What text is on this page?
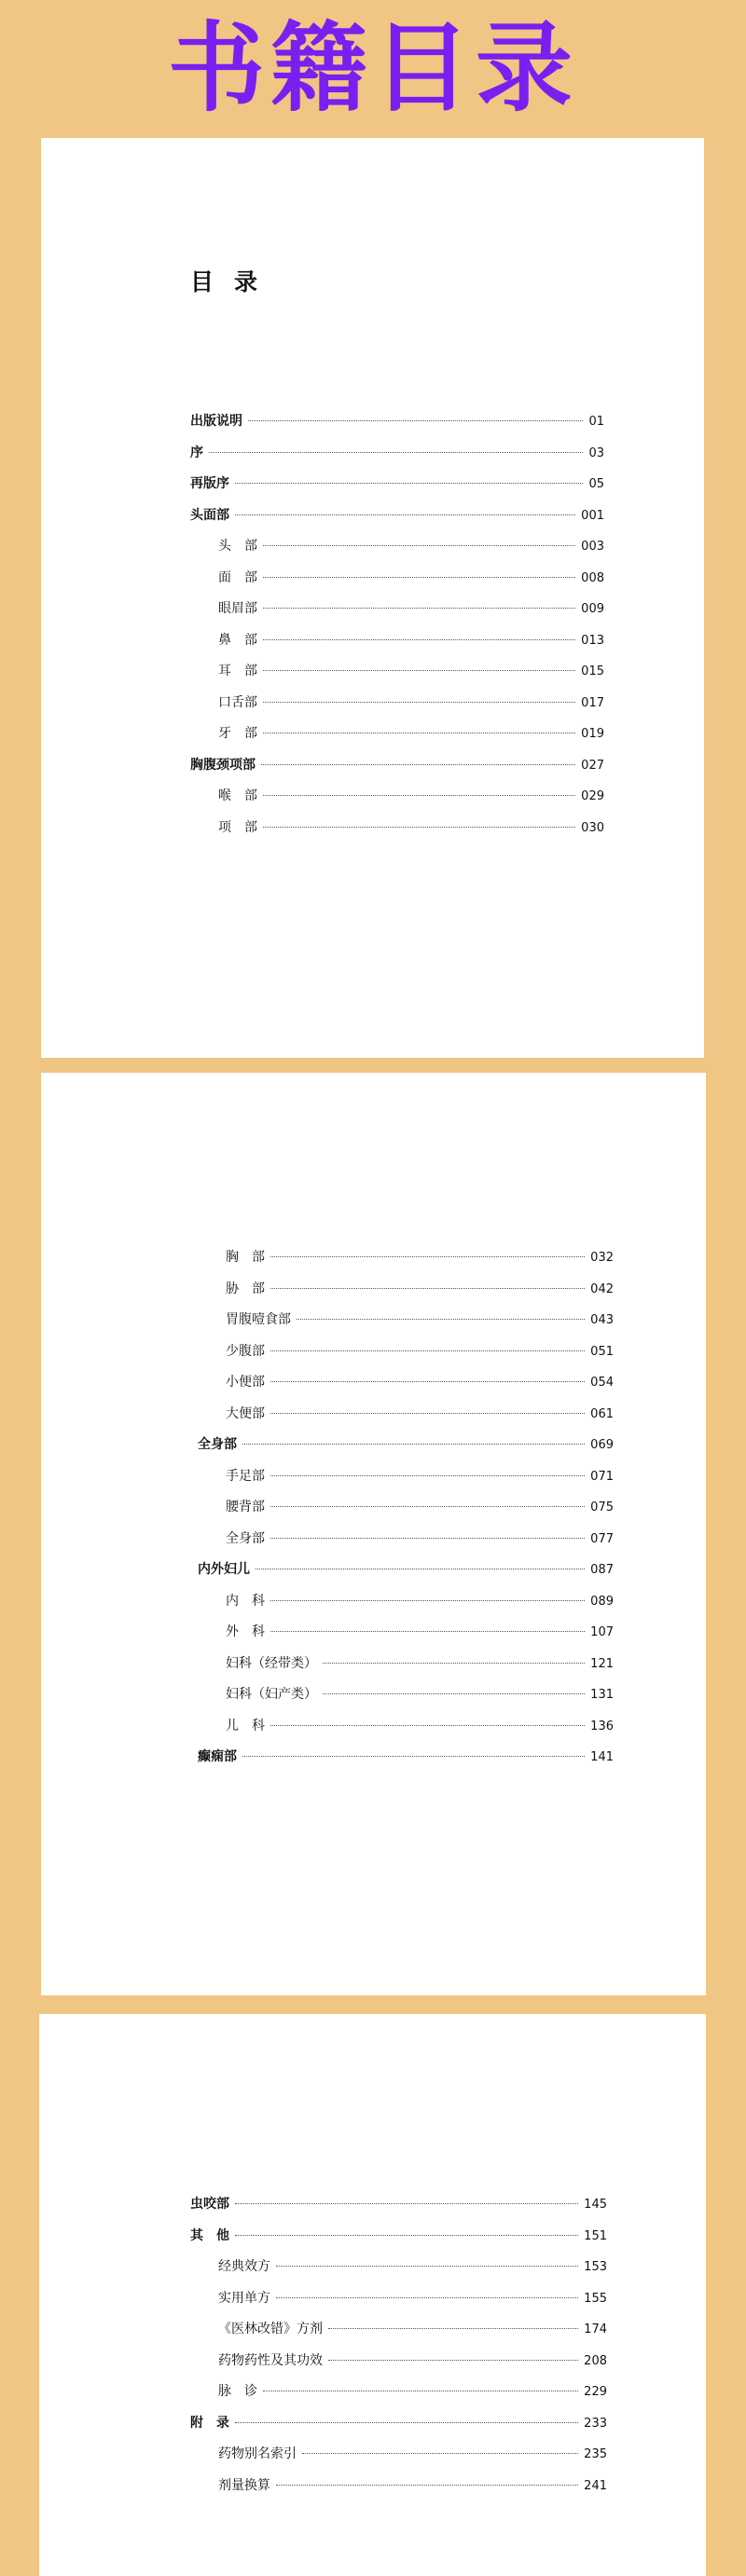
书籍目录
目录
出版说明	01
序	03
再版序	05
头面部	001
头　部	003
面　部	008
眼眉部	009
鼻　部	013
耳　部	015
口舌部	017
牙　部	019
胸腹颈项部	027
喉　部	029
项　部	030
胸　部	032
胁　部	042
胃腹噎食部	043
少腹部	051
小便部	054
大便部	061
全身部	069
手足部	071
腰背部	075
全身部	077
内外妇儿	087
内　科	089
外　科	107
妇科（经带类）	121
妇科（妇产类）	131
儿　科	136
癫痫部	141
虫咬部	145
其　他	151
经典效方	153
实用单方	155
《医林改错》方剂	174
药物药性及其功效	208
脉　诊	229
附　录	233
药物别名索引	235
剂量换算	241
